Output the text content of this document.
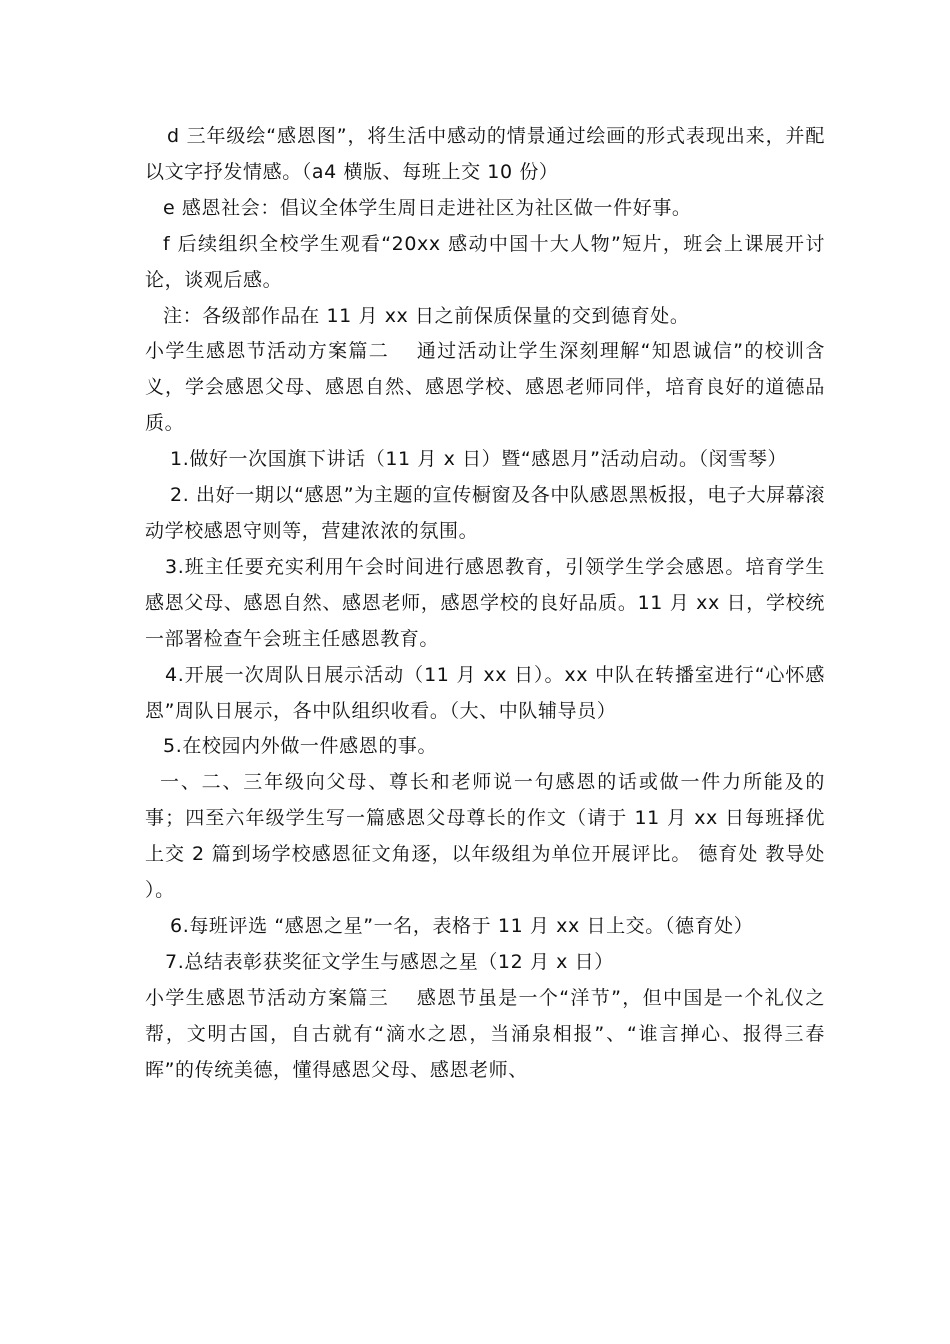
d 三年级绘“感恩图”，将生活中感动的情景通过绘画的形式表现出来，并配以文字抒发情感。（a4 横版、每班上交 10 份）

e 感恩社会：倡议全体学生周日走进社区为社区做一件好事。

f 后续组织全校学生观看“20xx 感动中国十大人物”短片，班会上课展开讨论，谈观后感。

注：各级部作品在 11 月 xx 日之前保质保量的交到德育处。

小学生感恩节活动方案篇二　 通过活动让学生深刻理解“知恩诚信”的校训含义，学会感恩父母、感恩自然、感恩学校、感恩老师同伴，培育良好的道德品质。

1.做好一次国旗下讲话（11 月 x 日）暨“感恩月”活动启动。（闵雪琴）

2. 出好一期以“感恩”为主题的宣传橱窗及各中队感恩黑板报，电子大屏幕滚动学校感恩守则等，营建浓浓的氛围。

3.班主任要充实利用午会时间进行感恩教育，引领学生学会感恩。培育学生感恩父母、感恩自然、感恩老师，感恩学校的良好品质。11 月 xx 日，学校统一部署检查午会班主任感恩教育。

4.开展一次周队日展示活动（11 月 xx 日）。xx 中队在转播室进行“心怀感恩”周队日展示，各中队组织收看。（大、中队辅导员）

5.在校园内外做一件感恩的事。

一、二、三年级向父母、尊长和老师说一句感恩的话或做一件力所能及的事；四至六年级学生写一篇感恩父母尊长的作文（请于 11 月 xx 日每班择优上交 2 篇到场学校感恩征文角逐，以年级组为单位开展评比。 德育处 教导处 ）。

6.每班评选 “感恩之星”一名，表格于 11 月 xx 日上交。（德育处）

7.总结表彰获奖征文学生与感恩之星（12 月 x 日）

小学生感恩节活动方案篇三　 感恩节虽是一个“洋节”，但中国是一个礼仪之帮，文明古国，自古就有“滴水之恩，当涌泉相报”、“谁言掸心、报得三春晖”的传统美德，懂得感恩父母、感恩老师、
